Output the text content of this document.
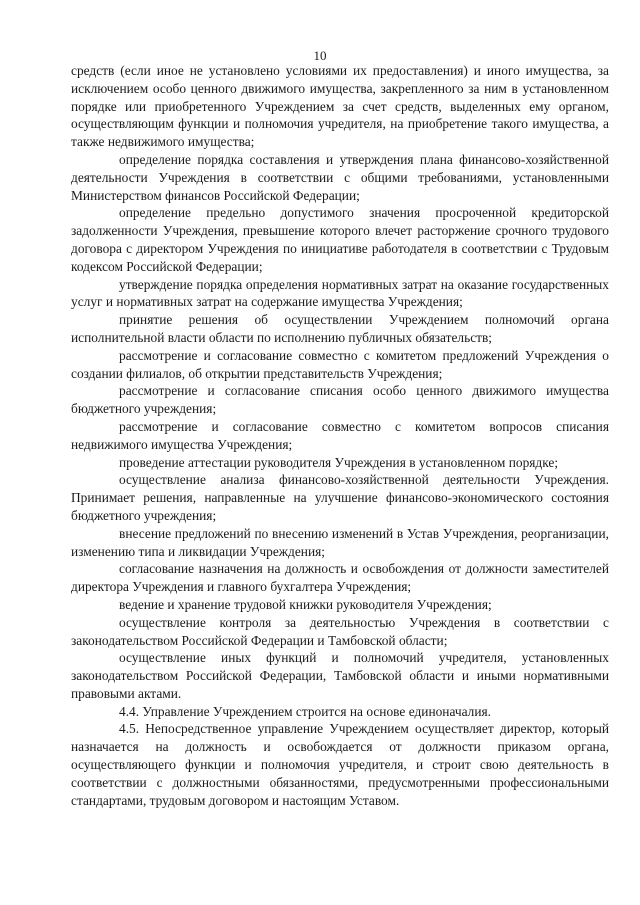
10

средств (если иное не установлено условиями их предоставления) и иного имущества, за исключением особо ценного движимого имущества, закрепленного за ним в установленном порядке или приобретенного Учреждением за счет средств, выделенных ему органом, осуществляющим функции и полномочия учредителя, на приобретение такого имущества, а также недвижимого имущества;

определение порядка составления и утверждения плана финансово-хозяйственной деятельности Учреждения в соответствии с общими требованиями, установленными Министерством финансов Российской Федерации;

определение предельно допустимого значения просроченной кредиторской задолженности Учреждения, превышение которого влечет расторжение срочного трудового договора с директором Учреждения по инициативе работодателя в соответствии с Трудовым кодексом Российской Федерации;

утверждение порядка определения нормативных затрат на оказание государственных услуг и нормативных затрат на содержание имущества Учреждения;

принятие решения об осуществлении Учреждением полномочий органа исполнительной власти области по исполнению публичных обязательств;

рассмотрение и согласование совместно с комитетом предложений Учреждения о создании филиалов, об открытии представительств Учреждения;

рассмотрение и согласование списания особо ценного движимого имущества бюджетного учреждения;

рассмотрение и согласование совместно с комитетом вопросов списания недвижимого имущества Учреждения;

проведение аттестации руководителя Учреждения в установленном порядке;

осуществление анализа финансово-хозяйственной деятельности Учреждения. Принимает решения, направленные на улучшение финансово-экономического состояния бюджетного учреждения;

внесение предложений по внесению изменений в Устав Учреждения, реорганизации, изменению типа и ликвидации Учреждения;

согласование назначения на должность и освобождения от должности заместителей директора Учреждения и главного бухгалтера Учреждения;

ведение и хранение трудовой книжки руководителя Учреждения;

осуществление контроля за деятельностью Учреждения в соответствии с законодательством Российской Федерации и Тамбовской области;

осуществление иных функций и полномочий учредителя, установленных законодательством Российской Федерации, Тамбовской области и иными нормативными правовыми актами.

4.4. Управление Учреждением строится на основе единоначалия.

4.5. Непосредственное управление Учреждением осуществляет директор, который назначается на должность и освобождается от должности приказом органа, осуществляющего функции и полномочия учредителя, и строит свою деятельность в соответствии с должностными обязанностями, предусмотренными профессиональными стандартами, трудовым договором и настоящим Уставом.
